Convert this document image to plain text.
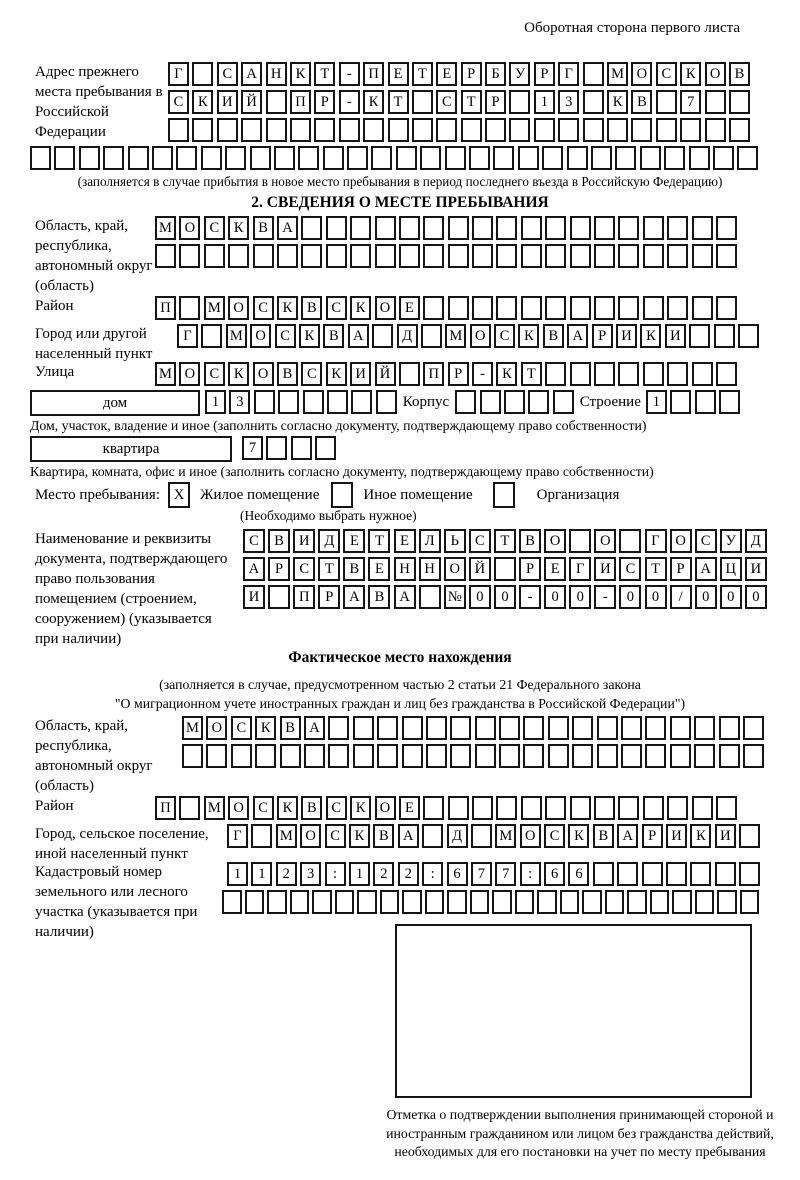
Оборотная сторона первого листа
Адрес прежнего места пребывания в Российской Федерации
Г	С А Н К	Т	-	П	Е	Т	Е	Р	Б	У	Р	Г	М О С	К О В
С	К И Й	П	Р	-	К	Т	С	Т	Р	1	3	К	В	7
(заполняется в случае прибытия в новое место пребывания в период последнего въезда в Российскую Федерацию)
2. СВЕДЕНИЯ О МЕСТЕ ПРЕБЫВАНИЯ
Область, край, республика, автономный округ (область)
М О С	К	В А
Район	П	М О С	К	В	С	К О	Е
Город или другой населенный пункт
Г	М О С	К	В А	Д	М О С	К	В А	Р	И К И
Улица	М О С	К О В	С	К И Й	П	Р	-	К	Т
дом	1	3	Корпус	Строение 1
Дом, участок, владение и иное (заполнить согласно документу, подтверждающему право собственности)
квартира	7
Квартира, комната, офис и иное (заполнить согласно документу, подтверждающему право собственности)
Место пребывания: X	Жилое помещение	Иное помещение	Организация
(Необходимо выбрать нужное)
Наименование и реквизиты документа, подтверждающего право пользования помещением (строением, сооружением) (указывается при наличии)
С	В	И	Д	Е	Т	Е	Л	Ь	С	Т	В	О	О	Г	О	С	У	Д
А	Р	С	Т	В	Е	Н	Н	О	Й	Р	Е	Г	И	С	Т	Р	А	Ц	И
И	П	Р	А	В	А	№	0	0	-	0	0	-	0	0	/	0	0	0
Фактическое место нахождения
(заполняется в случае, предусмотренном частью 2 статьи 21 Федерального закона
"О миграционном учете иностранных граждан и лиц без гражданства в Российской Федерации")
Область, край, республика, автономный округ (область)
М О С	К	В А
Район	П	М О С	К	В	С	К О	Е
Город, сельское поселение, иной населенный пункт
Г	М О С	К	В А	Д	М О С	К	В А	Р	И К И
Кадастровый номер земельного или лесного участка (указывается при наличии)
1	1	2	3	:	1	2	2	:	6	7	7	:	6	6
Отметка о подтверждении выполнения принимающей стороной и иностранным гражданином или лицом без гражданства действий, необходимых для его постановки на учет по месту пребывания
